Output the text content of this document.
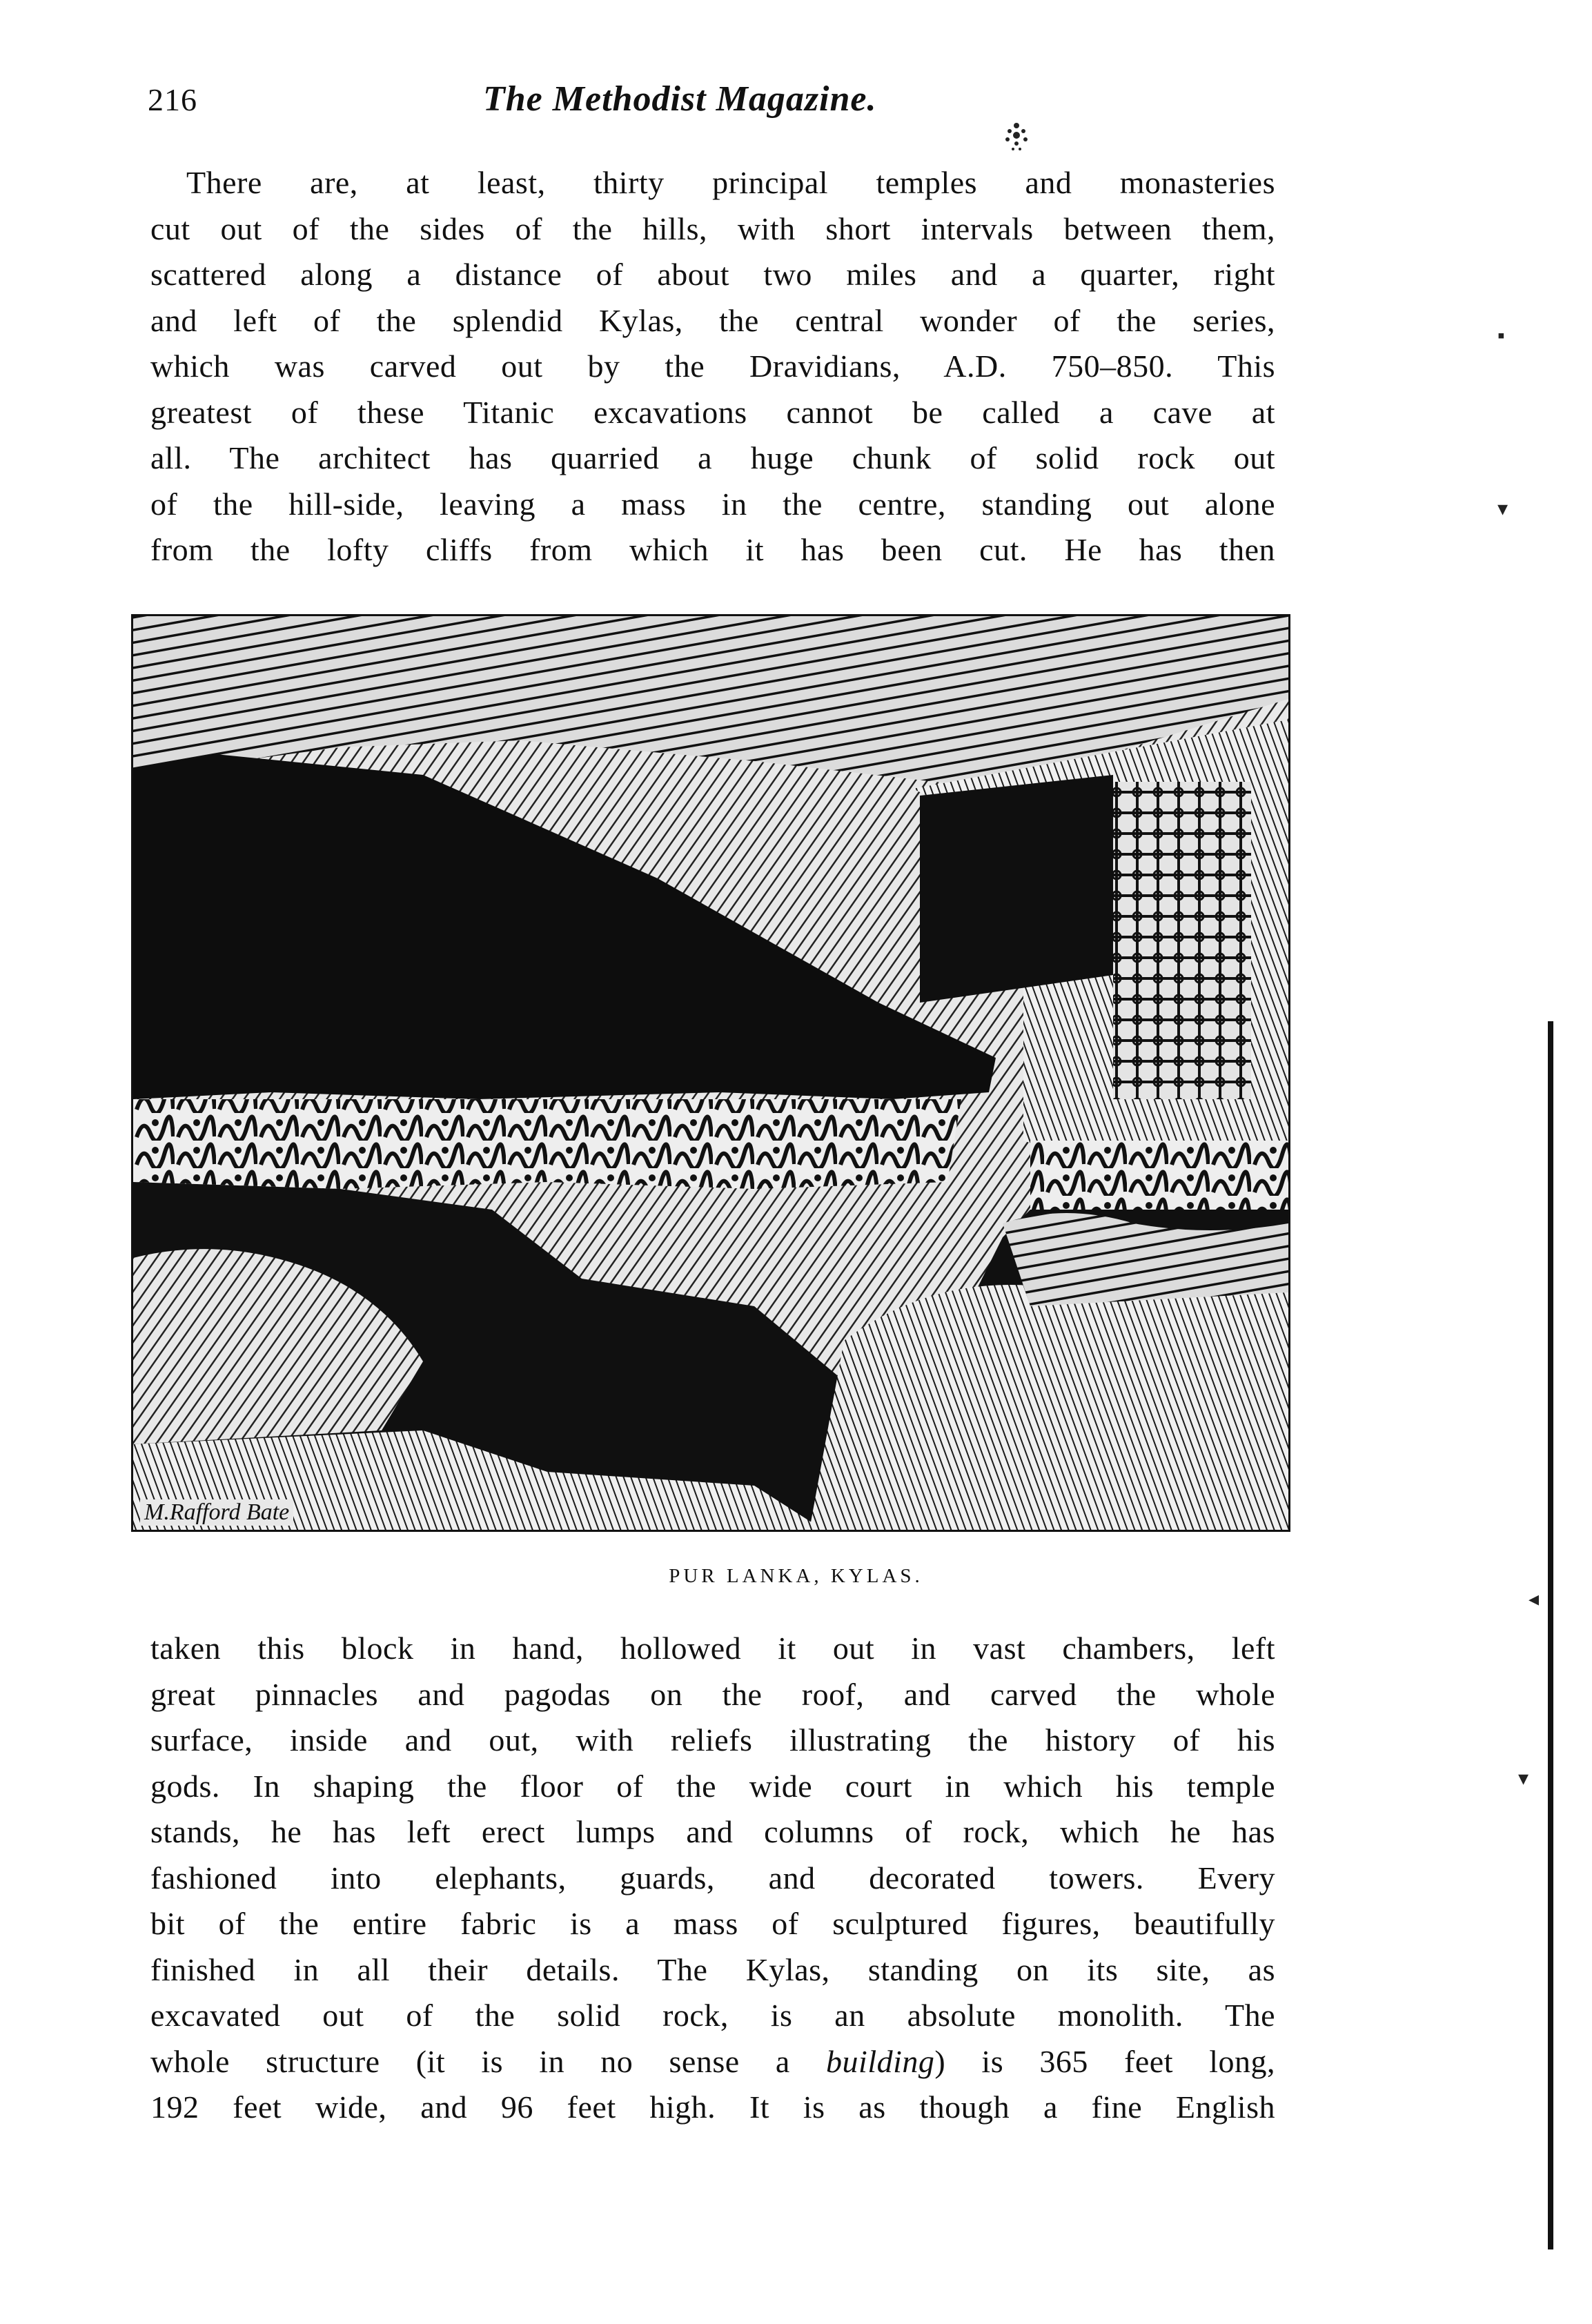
216	The Methodist Magazine.
There are, at least, thirty principal temples and monasteries
cut out of the sides of the hills, with short intervals between them,
scattered along a distance of about two miles and a quarter, right
and left of the splendid Kylas, the central wonder of the series,
which was carved out by the Dravidians, A.D. 750–850. This
greatest of these Titanic excavations cannot be called a cave at
all. The architect has quarried a huge chunk of solid rock out
of the hill-side, leaving a mass in the centre, standing out alone
from the lofty cliffs from which it has been cut. He has then
M.Rafford Bate
PUR LANKA, KYLAS.
taken this block in hand, hollowed it out in vast chambers, left
great pinnacles and pagodas on the roof, and carved the whole
surface, inside and out, with reliefs illustrating the history of his
gods. In shaping the floor of the wide court in which his temple
stands, he has left erect lumps and columns of rock, which he has
fashioned into elephants, guards, and decorated towers. Every
bit of the entire fabric is a mass of sculptured figures, beautifully
finished in all their details. The Kylas, standing on its site, as
excavated out of the solid rock, is an absolute monolith. The
whole structure (it is in no sense a building) is 365 feet long,
192 feet wide, and 96 feet high. It is as though a fine English
▪
▾
▾
◂
